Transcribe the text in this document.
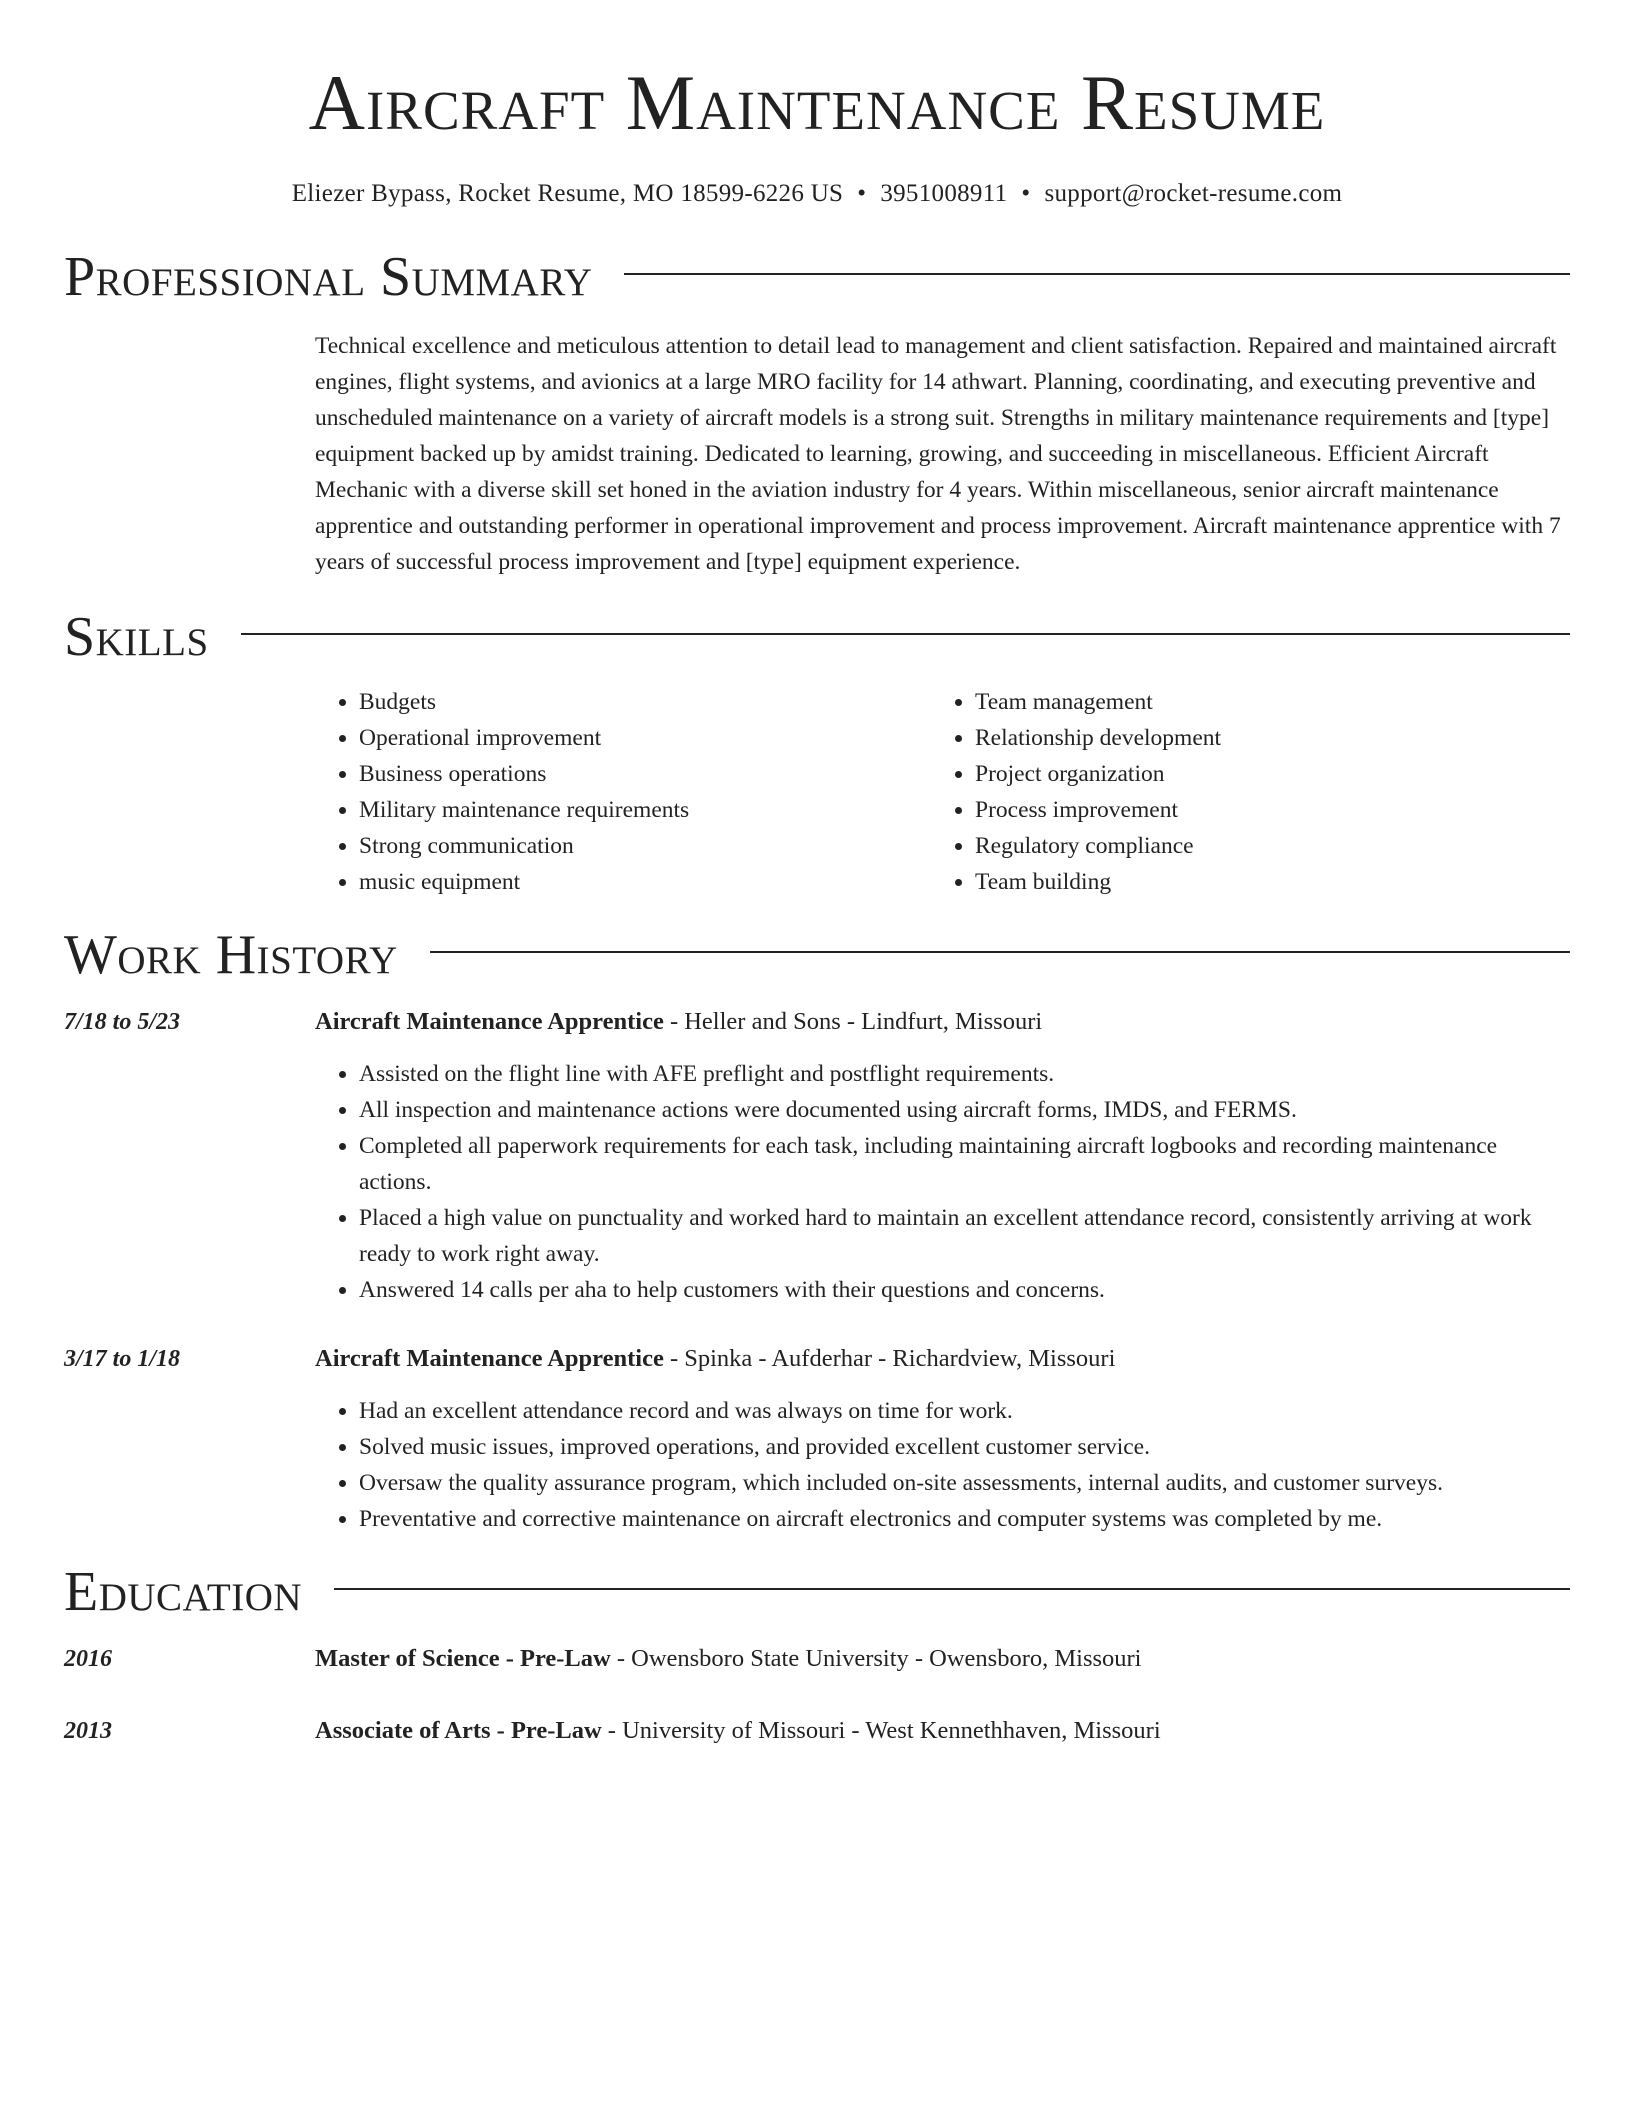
Aircraft Maintenance Resume
Eliezer Bypass, Rocket Resume, MO 18599-6226 US • 3951008911 • support@rocket-resume.com
Professional Summary
Technical excellence and meticulous attention to detail lead to management and client satisfaction. Repaired and maintained aircraft engines, flight systems, and avionics at a large MRO facility for 14 athwart. Planning, coordinating, and executing preventive and unscheduled maintenance on a variety of aircraft models is a strong suit. Strengths in military maintenance requirements and [type] equipment backed up by amidst training. Dedicated to learning, growing, and succeeding in miscellaneous. Efficient Aircraft Mechanic with a diverse skill set honed in the aviation industry for 4 years. Within miscellaneous, senior aircraft maintenance apprentice and outstanding performer in operational improvement and process improvement. Aircraft maintenance apprentice with 7 years of successful process improvement and [type] equipment experience.
Skills
• Budgets
• Operational improvement
• Business operations
• Military maintenance requirements
• Strong communication
• music equipment
• Team management
• Relationship development
• Project organization
• Process improvement
• Regulatory compliance
• Team building
Work History
7/18 to 5/23	Aircraft Maintenance Apprentice - Heller and Sons - Lindfurt, Missouri
• Assisted on the flight line with AFE preflight and postflight requirements.
• All inspection and maintenance actions were documented using aircraft forms, IMDS, and FERMS.
• Completed all paperwork requirements for each task, including maintaining aircraft logbooks and recording maintenance actions.
• Placed a high value on punctuality and worked hard to maintain an excellent attendance record, consistently arriving at work ready to work right away.
• Answered 14 calls per aha to help customers with their questions and concerns.
3/17 to 1/18	Aircraft Maintenance Apprentice - Spinka - Aufderhar - Richardview, Missouri
• Had an excellent attendance record and was always on time for work.
• Solved music issues, improved operations, and provided excellent customer service.
• Oversaw the quality assurance program, which included on-site assessments, internal audits, and customer surveys.
• Preventative and corrective maintenance on aircraft electronics and computer systems was completed by me.
Education
2016	Master of Science - Pre-Law - Owensboro State University - Owensboro, Missouri
2013	Associate of Arts - Pre-Law - University of Missouri - West Kennethhaven, Missouri
